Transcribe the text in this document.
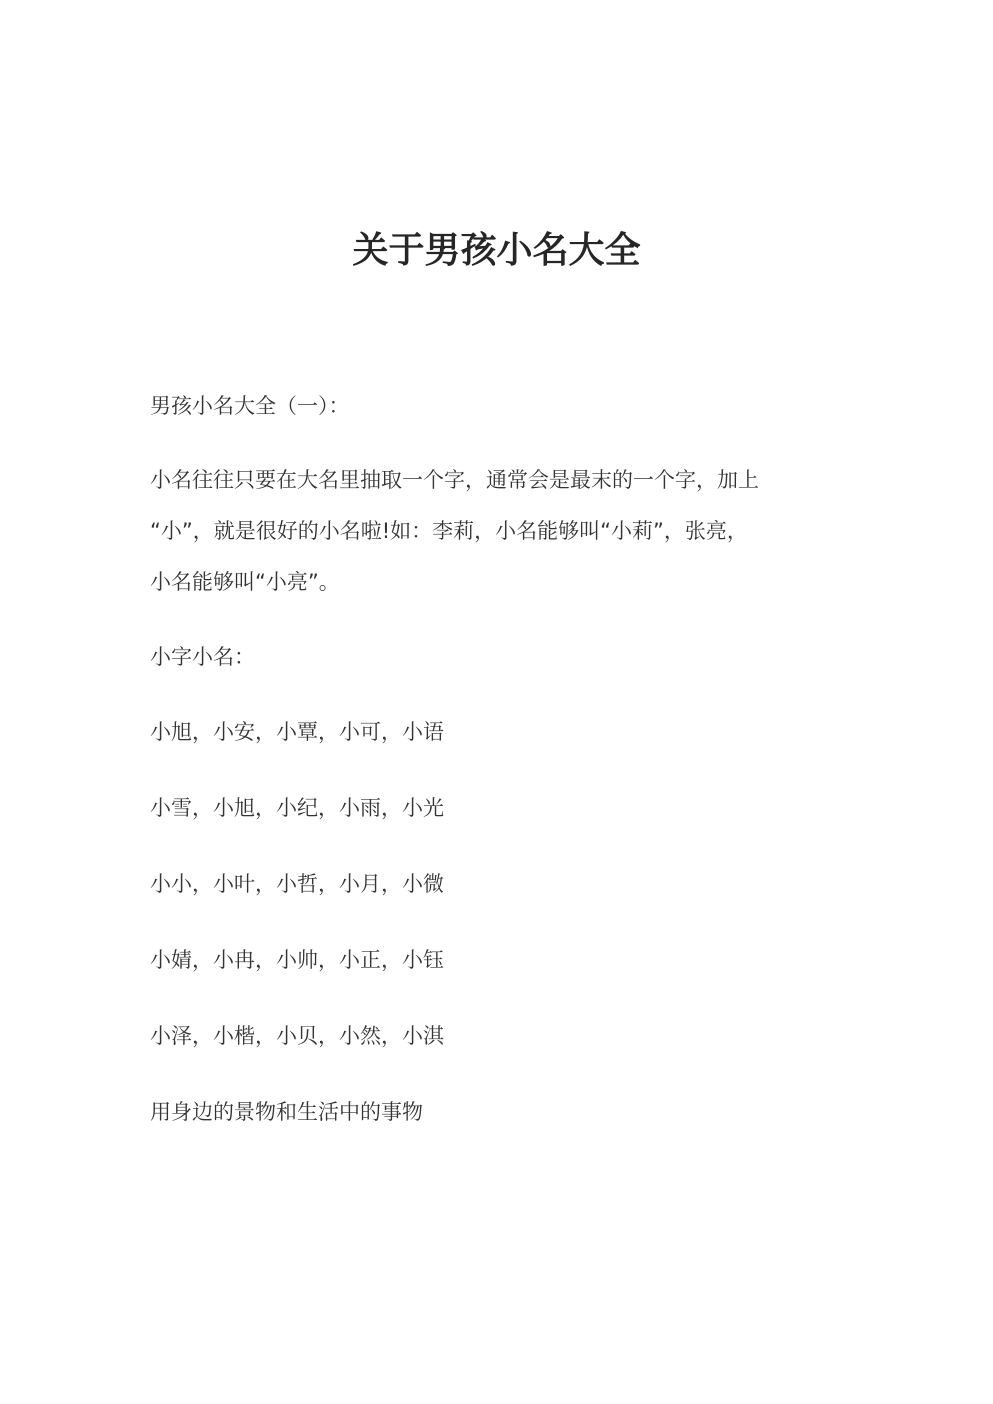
关于男孩小名大全

男孩小名大全（一）：

小名往往只要在大名里抽取一个字，通常会是最末的一个字，加上
“小”，就是很好的小名啦!如：李莉，小名能够叫“小莉”，张亮，
小名能够叫“小亮”。

小字小名：

小旭，小安，小覃，小可，小语

小雪，小旭，小纪，小雨，小光

小小，小叶，小哲，小月，小微

小婧，小冉，小帅，小正，小钰

小泽，小楷，小贝，小然，小淇

用身边的景物和生活中的事物
